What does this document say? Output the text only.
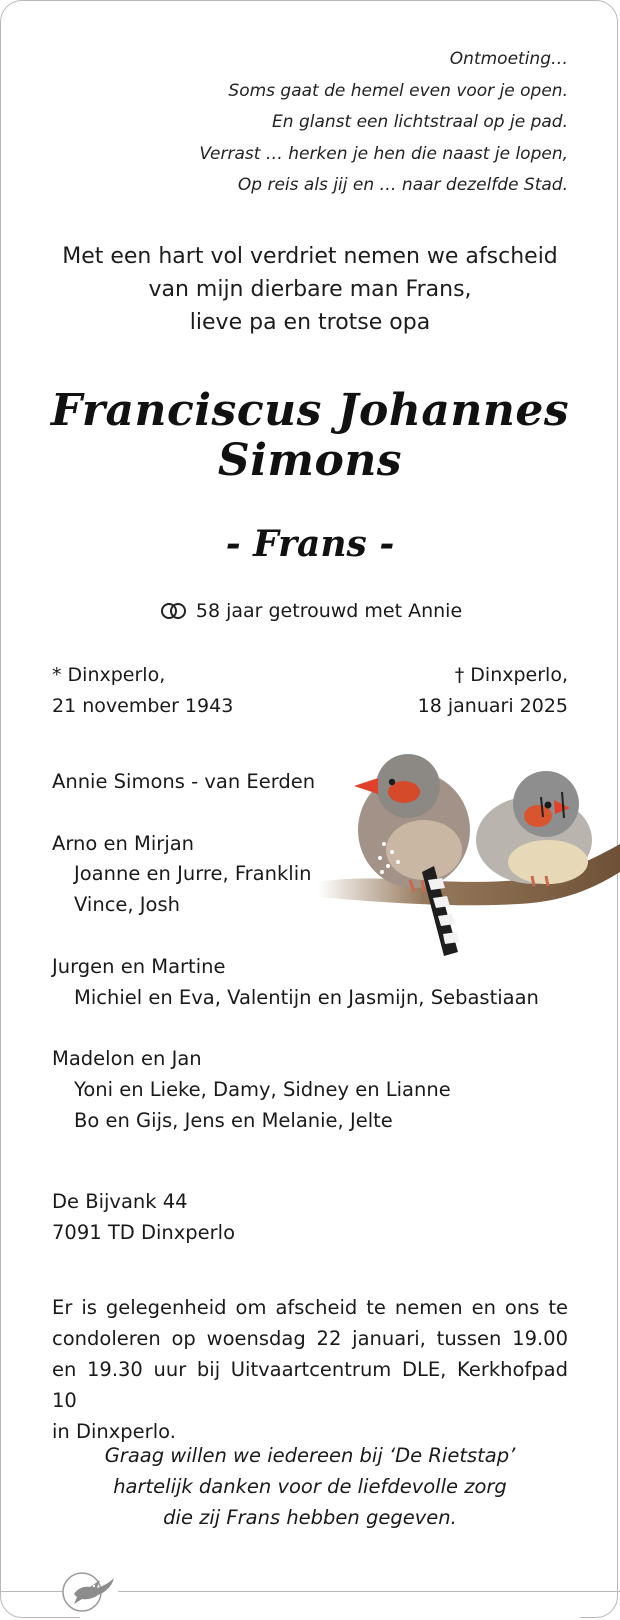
Ontmoeting…
Soms gaat de hemel even voor je open.
En glanst een lichtstraal op je pad.
Verrast … herken je hen die naast je lopen,
Op reis als jij en … naar dezelfde Stad.
Met een hart vol verdriet nemen we afscheid
van mijn dierbare man Frans,
lieve pa en trotse opa
Franciscus Johannes
Simons
- Frans -
58 jaar getrouwd met Annie
* Dinxperlo,
21 november 1943
† Dinxperlo,
18 januari 2025
Annie Simons - van Eerden
Arno en Mirjan
Joanne en Jurre, Franklin
Vince, Josh
Jurgen en Martine
Michiel en Eva, Valentijn en Jasmijn, Sebastiaan
Madelon en Jan
Yoni en Lieke, Damy, Sidney en Lianne
Bo en Gijs, Jens en Melanie, Jelte
De Bijvank 44
7091 TD Dinxperlo
Er is gelegenheid om afscheid te nemen en ons te
condoleren op woensdag 22 januari, tussen 19.00
en 19.30 uur bij Uitvaartcentrum DLE, Kerkhofpad 10
in Dinxperlo.
Graag willen we iedereen bij ‘De Rietstap’
hartelijk danken voor de liefdevolle zorg
die zij Frans hebben gegeven.
